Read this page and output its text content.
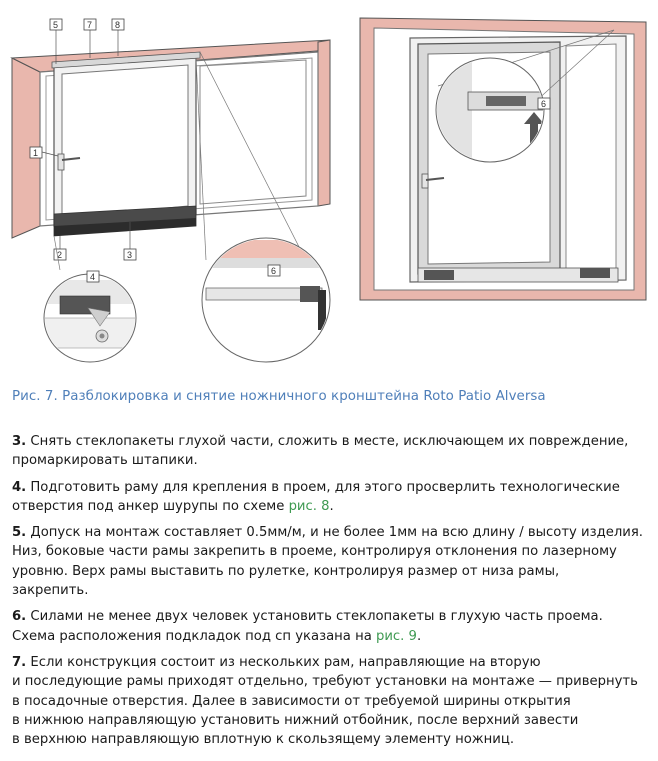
5	7	8
1
2	3
4
6
6
Рис. 7. Разблокировка и снятие ножничного кронштейна Roto Patio Alversa
3. Снять стеклопакеты глухой части, сложить в месте, исключающем их повреждение,
промаркировать штапики.
4. Подготовить раму для крепления в проем, для этого просверлить технологические
отверстия под анкер шурупы по схеме рис. 8.
5. Допуск на монтаж составляет 0.5мм/м, и не более 1мм на всю длину / высоту изделия.
Низ, боковые части рамы закрепить в проеме, контролируя отклонения по лазерному
уровню. Верх рамы выставить по рулетке, контролируя размер от низа рамы,
закрепить.
6. Силами не менее двух человек установить стеклопакеты в глухую часть проема.
Схема расположения подкладок под сп указана на рис. 9.
7. Если конструкция состоит из нескольких рам, направляющие на вторую
и последующие рамы приходят отдельно, требуют установки на монтаже — привернуть
в посадочные отверстия. Далее в зависимости от требуемой ширины открытия
в нижнюю направляющую установить нижний отбойник, после верхний завести
в верхнюю направляющую вплотную к скользящему элементу ножниц.
